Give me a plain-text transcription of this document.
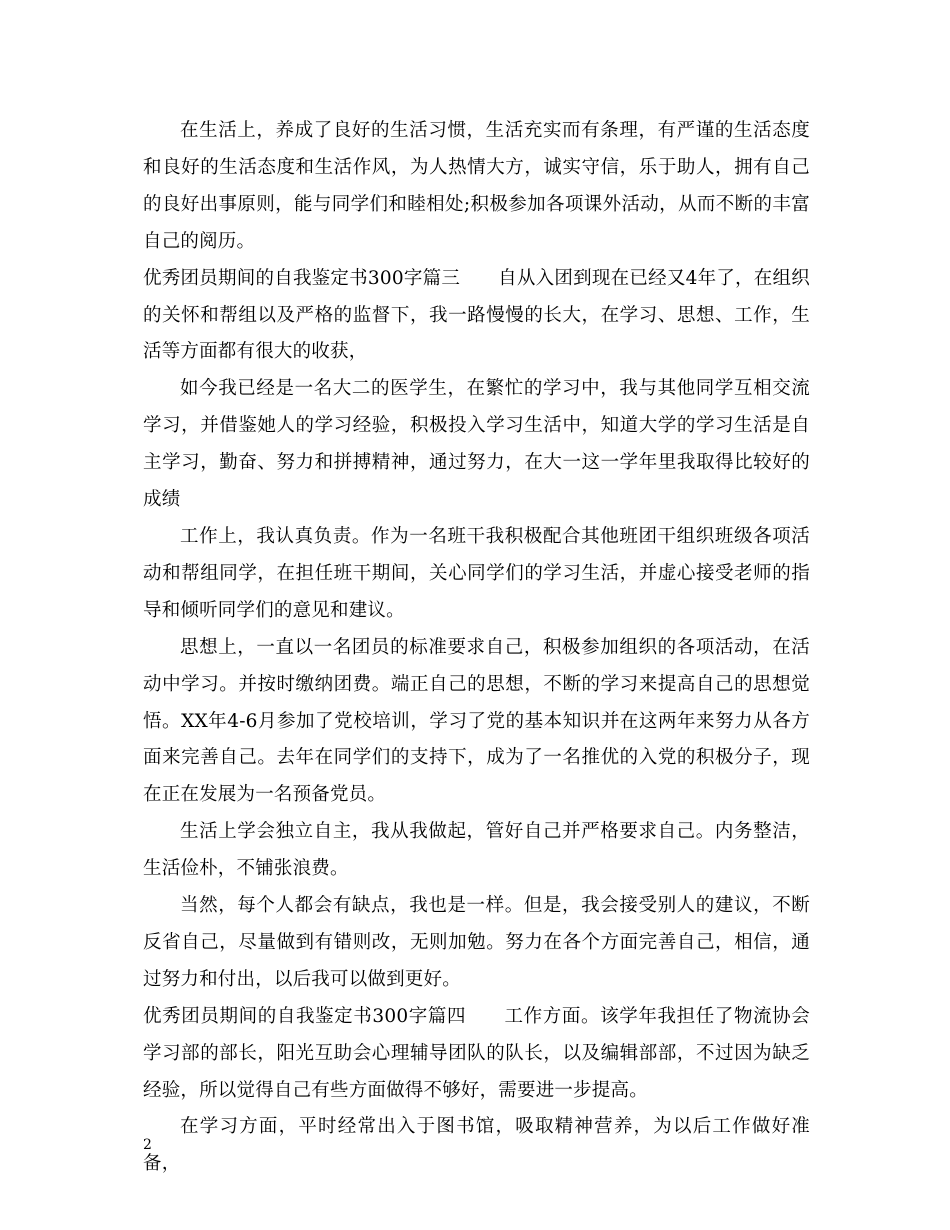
在生活上，养成了良好的生活习惯，生活充实而有条理，有严谨的生活态度和良好的生活态度和生活作风，为人热情大方，诚实守信，乐于助人，拥有自己的良好出事原则，能与同学们和睦相处;积极参加各项课外活动，从而不断的丰富自己的阅历。

优秀团员期间的自我鉴定书300字篇三 自从入团到现在已经又4年了，在组织的关怀和帮组以及严格的监督下，我一路慢慢的长大，在学习、思想、工作，生活等方面都有很大的收获，

如今我已经是一名大二的医学生，在繁忙的学习中，我与其他同学互相交流学习，并借鉴她人的学习经验，积极投入学习生活中，知道大学的学习生活是自主学习，勤奋、努力和拼搏精神，通过努力，在大一这一学年里我取得比较好的成绩

工作上，我认真负责。作为一名班干我积极配合其他班团干组织班级各项活动和帮组同学，在担任班干期间，关心同学们的学习生活，并虚心接受老师的指导和倾听同学们的意见和建议。

思想上，一直以一名团员的标准要求自己，积极参加组织的各项活动，在活动中学习。并按时缴纳团费。端正自己的思想，不断的学习来提高自己的思想觉悟。XX年4-6月参加了党校培训，学习了党的基本知识并在这两年来努力从各方面来完善自己。去年在同学们的支持下，成为了一名推优的入党的积极分子，现在正在发展为一名预备党员。

生活上学会独立自主，我从我做起，管好自己并严格要求自己。内务整洁，生活俭朴，不铺张浪费。

当然，每个人都会有缺点，我也是一样。但是，我会接受别人的建议，不断反省自己，尽量做到有错则改，无则加勉。努力在各个方面完善自己，相信，通过努力和付出，以后我可以做到更好。

优秀团员期间的自我鉴定书300字篇四 工作方面。该学年我担任了物流协会学习部的部长，阳光互助会心理辅导团队的队长，以及编辑部部，不过因为缺乏经验，所以觉得自己有些方面做得不够好，需要进一步提高。

在学习方面，平时经常出入于图书馆，吸取精神营养，为以后工作做好准备，

2
